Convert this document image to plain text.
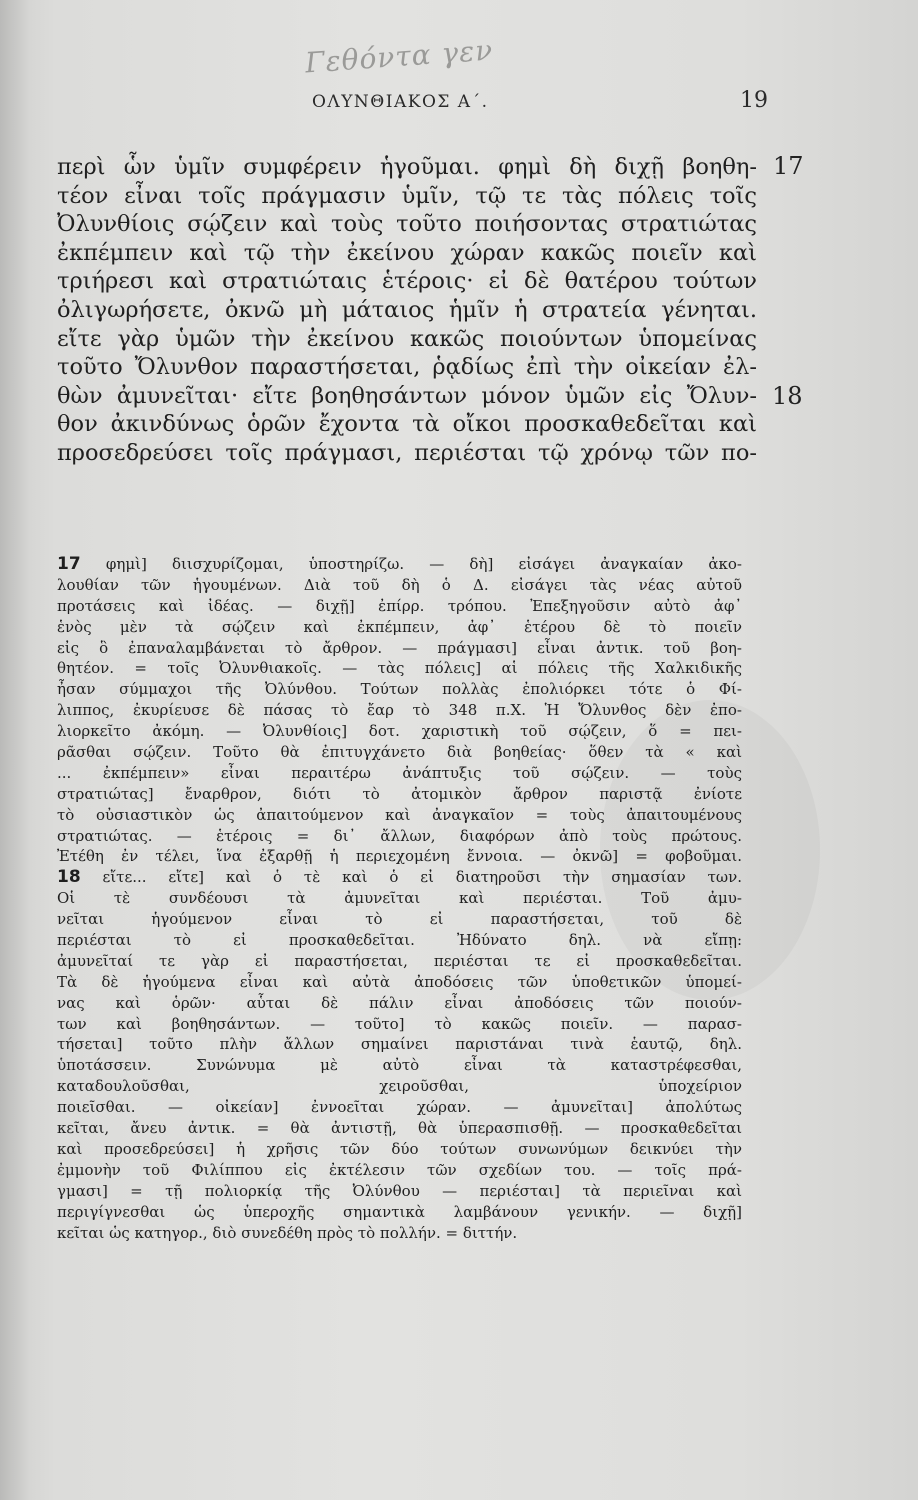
Γεθόντα γεν
ΟΛΥΝΘΙΑΚΟΣ Α΄.	19
17
18
περὶ ὧν ὑμῖν συμφέρειν ἡγοῦμαι. φημὶ δὴ διχῇ βοηθη-
τέον εἶναι τοῖς πράγμασιν ὑμῖν, τῷ τε τὰς πόλεις τοῖς
Ὀλυνθίοις σῴζειν καὶ τοὺς τοῦτο ποιήσοντας στρατιώτας
ἐκπέμπειν καὶ τῷ τὴν ἐκείνου χώραν κακῶς ποιεῖν καὶ
τριήρεσι καὶ στρατιώταις ἑτέροις· εἰ δὲ θατέρου τούτων
ὀλιγωρήσετε, ὀκνῶ μὴ μάταιος ἡμῖν ἡ στρατεία γένηται.
εἴτε γὰρ ὑμῶν τὴν ἐκείνου κακῶς ποιούντων ὑπομείνας
τοῦτο Ὄλυνθον παραστήσεται, ῥᾳδίως ἐπὶ τὴν οἰκείαν ἐλ-
θὼν ἀμυνεῖται· εἴτε βοηθησάντων μόνον ὑμῶν εἰς Ὄλυν-
θον ἀκινδύνως ὁρῶν ἔχοντα τὰ οἴκοι προσκαθεδεῖται καὶ
προσεδρεύσει τοῖς πράγμασι, περιέσται τῷ χρόνῳ τῶν πο-
17 φημὶ] διισχυρίζομαι, ὑποστηρίζω. — δὴ] εἰσάγει ἀναγκαίαν ἀκο-
λουθίαν τῶν ἡγουμένων. Διὰ τοῦ δὴ ὁ Δ. εἰσάγει τὰς νέας αὐτοῦ
προτάσεις καὶ ἰδέας. — διχῇ] ἐπίρρ. τρόπου. Ἐπεξηγοῦσιν αὐτὸ ἀφ᾿
ἑνὸς μὲν τὰ σῴζειν καὶ ἐκπέμπειν, ἀφ᾿ ἑτέρου δὲ τὸ ποιεῖν
εἰς ὃ ἐπαναλαμβάνεται τὸ ἄρθρον. — πράγμασι] εἶναι ἀντικ. τοῦ βοη-
θητέον. = τοῖς Ὀλυνθιακοῖς. — τὰς πόλεις] αἱ πόλεις τῆς Χαλκιδικῆς
ἦσαν σύμμαχοι τῆς Ὀλύνθου. Τούτων πολλὰς ἐπολιόρκει τότε ὁ Φί-
λιππος, ἐκυρίευσε δὲ πάσας τὸ ἔαρ τὸ 348 π.Χ. Ἡ Ὄλυνθος δὲν ἐπο-
λιορκεῖτο ἀκόμη. — Ὀλυνθίοις] δοτ. χαριστικὴ τοῦ σῴζειν, ὅ = πει-
ρᾶσθαι σῴζειν. Τοῦτο θὰ ἐπιτυγχάνετο διὰ βοηθείας· ὅθεν τὰ « καὶ
... ἐκπέμπειν» εἶναι περαιτέρω ἀνάπτυξις τοῦ σῴζειν. — τοὺς
στρατιώτας] ἔναρθρον, διότι τὸ ἀτομικὸν ἄρθρον παριστᾷ ἐνίοτε
τὸ οὐσιαστικὸν ὡς ἀπαιτούμενον καὶ ἀναγκαῖον = τοὺς ἀπαιτουμένους
στρατιώτας. — ἑτέροις = δι᾿ ἄλλων, διαφόρων ἀπὸ τοὺς πρώτους.
Ἐτέθη ἐν τέλει, ἵνα ἐξαρθῇ ἡ περιεχομένη ἔννοια. — ὀκνῶ] = φοβοῦμαι.
18 εἴτε... εἴτε] καὶ ὁ τὲ καὶ ὁ εἰ διατηροῦσι τὴν σημασίαν των.
Οἱ τὲ συνδέουσι τὰ ἀμυνεῖται καὶ περιέσται. Τοῦ ἀμυ-
νεῖται ἡγούμενον εἶναι τὸ εἰ παραστήσεται, τοῦ δὲ
περιέσται τὸ εἰ προσκαθεδεῖται. Ἠδύνατο δηλ. νὰ εἴπῃ:
ἀμυνεῖταί τε γὰρ εἰ παραστήσεται, περιέσται τε εἰ προσκαθεδεῖται.
Τὰ δὲ ἡγούμενα εἶναι καὶ αὐτὰ ἀποδόσεις τῶν ὑποθετικῶν ὑπομεί-
νας καὶ ὁρῶν· αὗται δὲ πάλιν εἶναι ἀποδόσεις τῶν ποιούν-
των καὶ βοηθησάντων. — τοῦτο] τὸ κακῶς ποιεῖν. — παρασ-
τήσεται] τοῦτο πλὴν ἄλλων σημαίνει παριστάναι τινὰ ἑαυτῷ, δηλ.
ὑποτάσσειν. Συνώνυμα μὲ αὐτὸ εἶναι τὰ καταστρέφεσθαι,
καταδουλοῦσθαι, χειροῦσθαι, ὑποχείριον
ποιεῖσθαι. — οἰκείαν] ἐννοεῖται χώραν. — ἀμυνεῖται] ἀπολύτως
κεῖται, ἄνευ ἀντικ. = θὰ ἀντιστῇ, θὰ ὑπερασπισθῇ. — προσκαθεδεῖται
καὶ προσεδρεύσει] ἡ χρῆσις τῶν δύο τούτων συνωνύμων δεικνύει τὴν
ἐμμονὴν τοῦ Φιλίππου εἰς ἐκτέλεσιν τῶν σχεδίων του. — τοῖς πρά-
γμασι] = τῇ πολιορκίᾳ τῆς Ὀλύνθου — περιέσται] τὰ περιεῖναι καὶ
περιγίγνεσθαι ὡς ὑπεροχῆς σημαντικὰ λαμβάνουν γενικήν. — διχῇ]
κεῖται ὡς κατηγορ., διὸ συνεδέθη πρὸς τὸ πολλήν. = διττήν.
